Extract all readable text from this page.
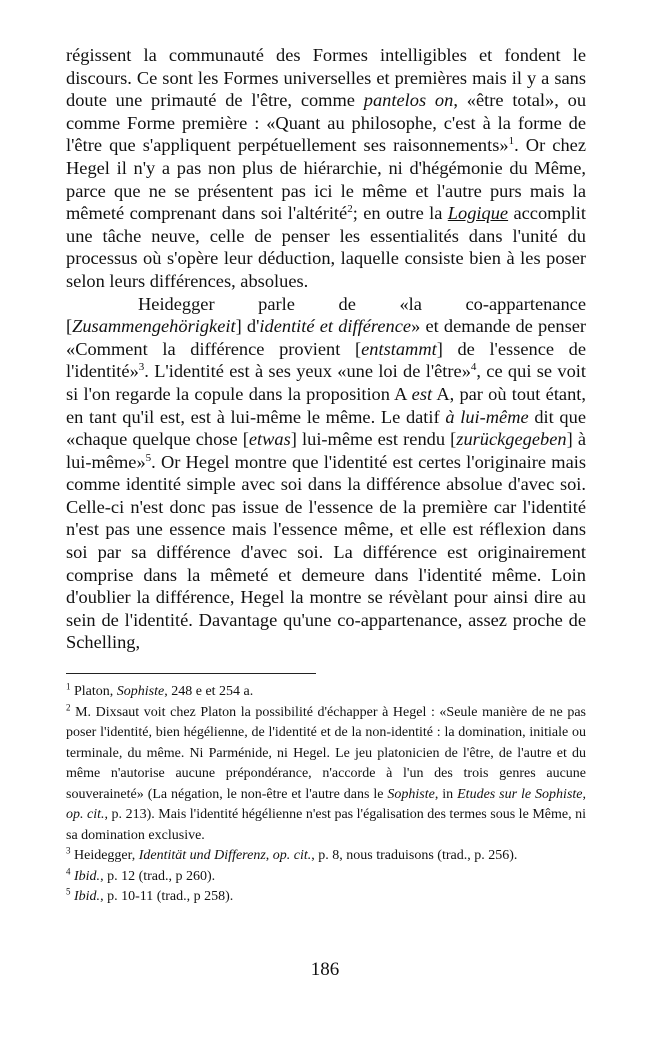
régissent la communauté des Formes intelligibles et fondent le discours. Ce sont les Formes universelles et premières mais il y a sans doute une primauté de l'être, comme pantelos on, «être total», ou comme Forme première : «Quant au philosophe, c'est à la forme de l'être que s'appliquent perpétuellement ses raisonnements»$^1$. Or chez Hegel il n'y a pas non plus de hiérarchie, ni d'hégémonie du Même, parce que ne se présentent pas ici le même et l'autre purs mais la mêmeté comprenant dans soi l'altérité$^2$; en outre la Logique accomplit une tâche neuve, celle de penser les essentialités dans l'unité du processus où s'opère leur déduction, laquelle consiste bien à les poser selon leurs différences, absolues.

Heidegger parle de «la co-appartenance [Zusammengehörigkeit] d'identité et différence» et demande de penser «Comment la différence provient [entstammt] de l'essence de l'identité»$^3$. L'identité est à ses yeux «une loi de l'être»$^4$, ce qui se voit si l'on regarde la copule dans la proposition A est A, par où tout étant, en tant qu'il est, est à lui-même le même. Le datif à lui-même dit que «chaque quelque chose [etwas] lui-même est rendu [zurückgegeben] à lui-même»$^5$. Or Hegel montre que l'identité est certes l'originaire mais comme identité simple avec soi dans la différence absolue d'avec soi. Celle-ci n'est donc pas issue de l'essence de la première car l'identité n'est pas une essence mais l'essence même, et elle est réflexion dans soi par sa différence d'avec soi. La différence est originairement comprise dans la mêmeté et demeure dans l'identité même. Loin d'oublier la différence, Hegel la montre se révèlant pour ainsi dire au sein de l'identité. Davantage qu'une co-appartenance, assez proche de Schelling,

$^1$ Platon, Sophiste, 248 e et 254 a.

$^2$ M. Dixsaut voit chez Platon la possibilité d'échapper à Hegel : «Seule manière de ne pas poser l'identité, bien hégélienne, de l'identité et de la non-identité : la domination, initiale ou terminale, du même. Ni Parménide, ni Hegel. Le jeu platonicien de l'être, de l'autre et du même n'autorise aucune prépondérance, n'accorde à l'un des trois genres aucune souveraineté» (La négation, le non-être et l'autre dans le Sophiste, in Etudes sur le Sophiste, op. cit., p. 213). Mais l'identité hégélienne n'est pas l'égalisation des termes sous le Même, ni sa domination exclusive.

$^3$ Heidegger, Identität und Differenz, op. cit., p. 8, nous traduisons (trad., p. 256).

$^4$ Ibid., p. 12 (trad., p 260).

$^5$ Ibid., p. 10-11 (trad., p 258).

186
